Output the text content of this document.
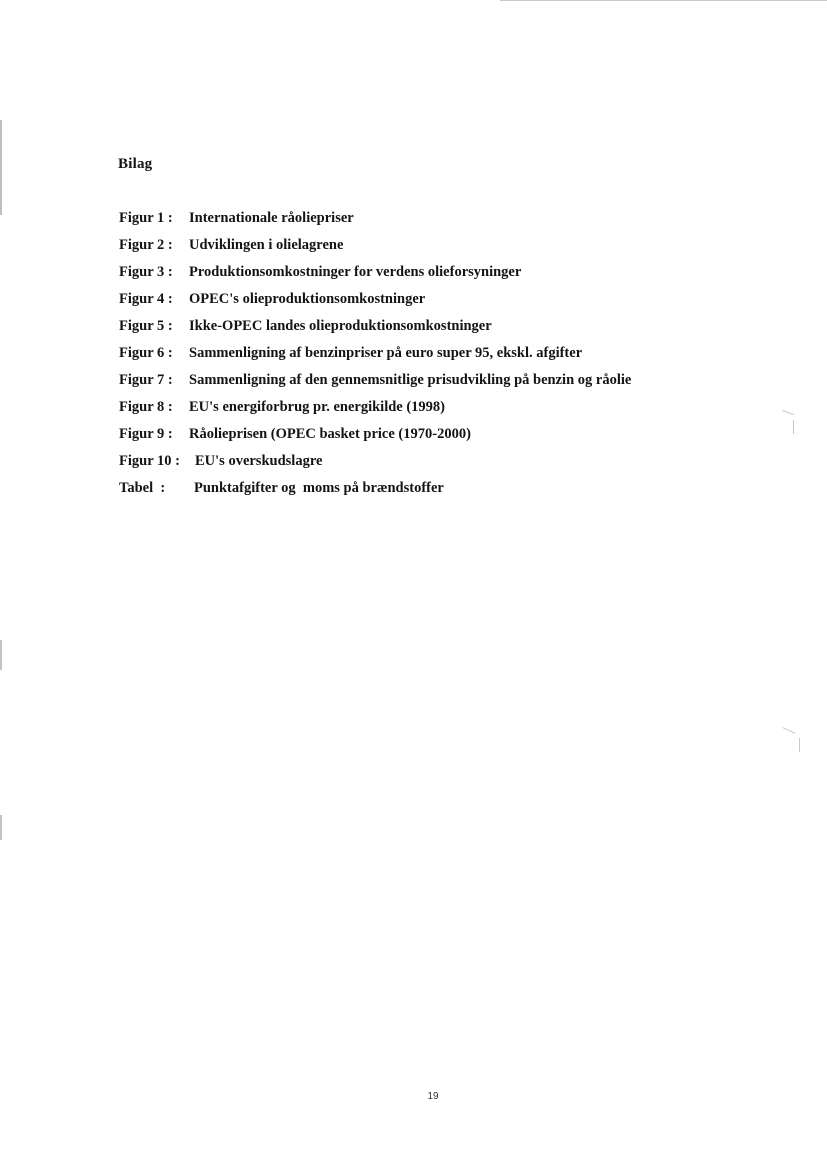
Bilag
Figur 1 :	Internationale råoliepriser
Figur 2 :	Udviklingen i olielagrene
Figur 3 :	Produktionsomkostninger for verdens olieforsyninger
Figur 4 :	OPEC's olieproduktionsomkostninger
Figur 5 :	Ikke-OPEC landes olieproduktionsomkostninger
Figur 6 :	Sammenligning af benzinpriser på euro super 95, ekskl. afgifter
Figur 7 :	Sammenligning af den gennemsnitlige prisudvikling på benzin og råolie
Figur 8 :	EU's energiforbrug pr. energikilde (1998)
Figur 9 :	Råolieprisen (OPEC basket price (1970-2000)
Figur 10 :	EU's overskudslagre
Tabel  :	Punktafgifter og  moms på brændstoffer
19
